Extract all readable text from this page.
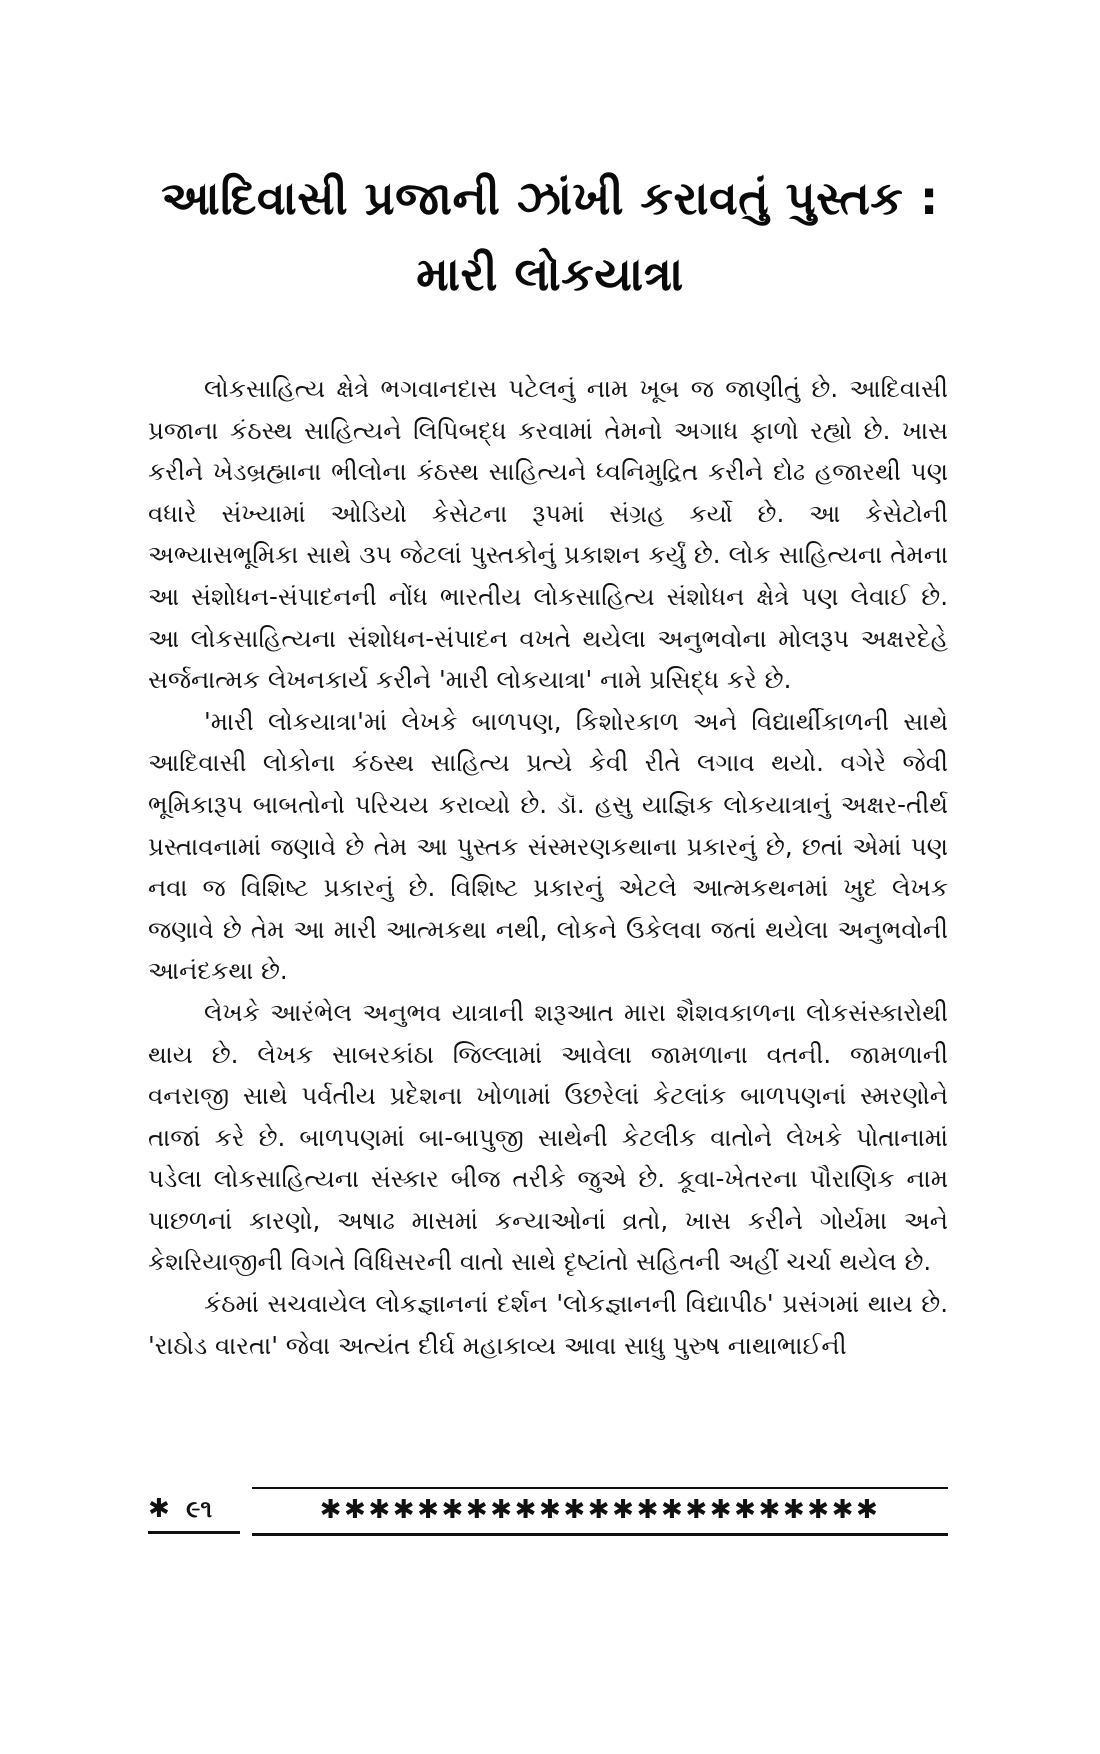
આદિવાસી પ્રજાની ઝાંખી કરાવતું પુસ્તક :
મારી લોકયાત્રા

લોકસાહિત્ય ક્ષેત્રે ભગવાનદાસ પટેલનું નામ ખૂબ જ જાણીતું છે. આદિવાસી પ્રજાના કંઠસ્થ સાહિત્યને લિપિબદ્ધ કરવામાં તેમનો અગાધ ફાળો રહ્યો છે. ખાસ કરીને ખેડબ્રહ્માના ભીલોના કંઠસ્થ સાહિત્યને ધ્વનિમુદ્રિત કરીને દોઢ હજારથી પણ વધારે સંખ્યામાં ઓડિયો કેસેટના રૂપમાં સંગ્રહ કર્યો છે. આ કેસેટોની અભ્યાસભૂમિકા સાથે ૩૫ જેટલાં પુસ્તકોનું પ્રકાશન કર્યું છે. લોક સાહિત્યના તેમના આ સંશોધન-સંપાદનની નોંધ ભારતીય લોકસાહિત્ય સંશોધન ક્ષેત્રે પણ લેવાઈ છે. આ લોકસાહિત્યના સંશોધન-સંપાદન વખતે થયેલા અનુભવોના મોલરૂપ અક્ષરદેહે સર્જનાત્મક લેખનકાર્ય કરીને 'મારી લોકયાત્રા' નામે પ્રસિદ્ધ કરે છે.

'મારી લોકયાત્રા'માં લેખકે બાળપણ, કિશોરકાળ અને વિદ્યાર્થીકાળની સાથે આદિવાસી લોકોના કંઠસ્થ સાહિત્ય પ્રત્યે કેવી રીતે લગાવ થયો. વગેરે જેવી ભૂમિકારૂપ બાબતોનો પરિચય કરાવ્યો છે. ડૉ. હસુ યાજ્ઞિક લોકયાત્રાનું અક્ષર-તીર્થ પ્રસ્તાવનામાં જણાવે છે તેમ આ પુસ્તક સંસ્મરણકથાના પ્રકારનું છે, છતાં એમાં પણ નવા જ વિશિષ્ટ પ્રકારનું છે. વિશિષ્ટ પ્રકારનું એટલે આત્મકથનમાં ખુદ લેખક જણાવે છે તેમ આ મારી આત્મકથા નથી, લોકને ઉકેલવા જતાં થયેલા અનુભવોની આનંદકથા છે.

લેખકે આરંભેલ અનુભવ યાત્રાની શરૂઆત મારા શૈશવકાળના લોકસંસ્કારોથી થાય છે. લેખક સાબરકાંઠા જિલ્લામાં આવેલા જામળાના વતની. જામળાની વનરાજી સાથે પર્વતીય પ્રદેશના ખોળામાં ઉછરેલાં કેટલાંક બાળપણનાં સ્મરણોને તાજાં કરે છે. બાળપણમાં બા-બાપુજી સાથેની કેટલીક વાતોને લેખકે પોતાનામાં પડેલા લોકસાહિત્યના સંસ્કાર બીજ તરીકે જુએ છે. કૂવા-ખેતરના પૌરાણિક નામ પાછળનાં કારણો, અષાઢ માસમાં કન્યાઓનાં વ્રતો, ખાસ કરીને ગોર્યમા અને કેશરિયાજીની વિગતે વિધિસરની વાતો સાથે દૃષ્ટાંતો સહિતની અહીં ચર્ચા થયેલ છે.

કંઠમાં સચવાયેલ લોકજ્ઞાનનાં દર્શન 'લોકજ્ઞાનની વિદ્યાપીઠ' પ્રસંગમાં થાય છે. 'રાઠોડ વારતા' જેવા અત્યંત દીર્ઘ મહાકાવ્ય આવા સાધુ પુરુષ નાથાભાઈની

✱ ૯૧	✱✱✱✱✱✱✱✱✱✱✱✱✱✱✱✱✱✱✱✱✱✱✱
